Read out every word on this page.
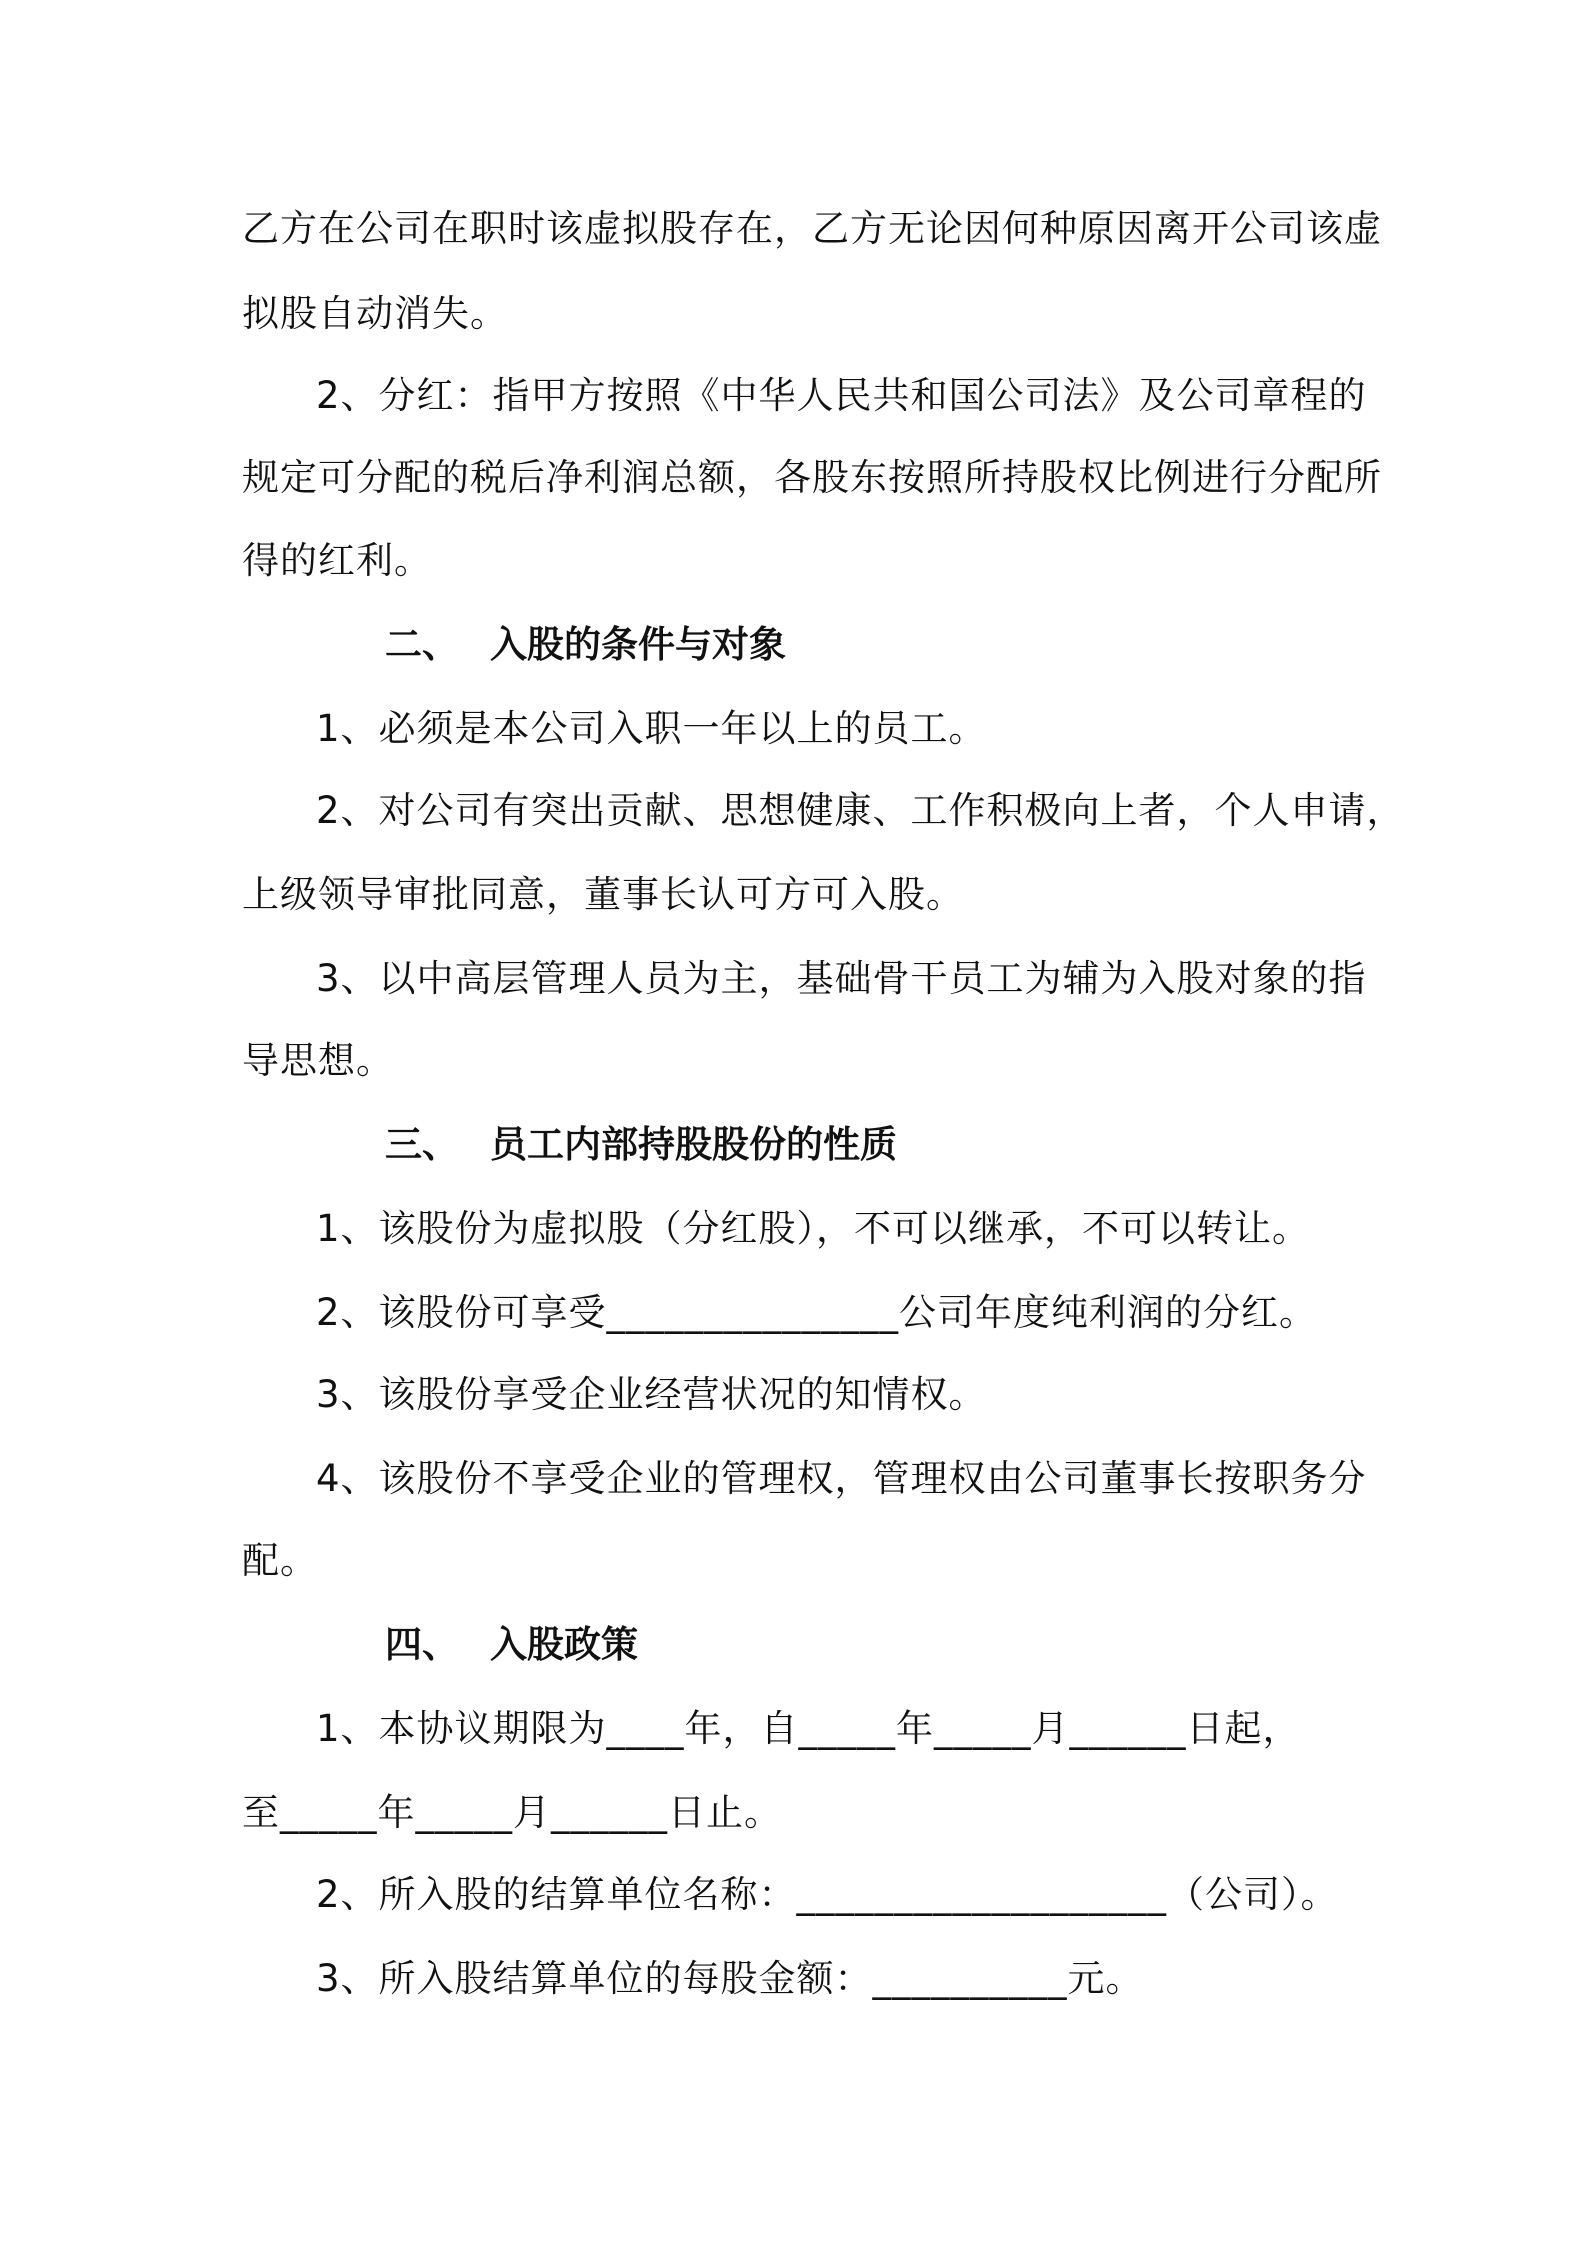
乙方在公司在职时该虚拟股存在，乙方无论因何种原因离开公司该虚
拟股自动消失。
2、分红：指甲方按照《中华人民共和国公司法》及公司章程的
规定可分配的税后净利润总额，各股东按照所持股权比例进行分配所
得的红利。
二、 入股的条件与对象
1、必须是本公司入职一年以上的员工。
2、对公司有突出贡献、思想健康、工作积极向上者，个人申请，
上级领导审批同意，董事长认可方可入股。
3、以中高层管理人员为主，基础骨干员工为辅为入股对象的指
导思想。
三、 员工内部持股股份的性质
1、该股份为虚拟股（分红股），不可以继承，不可以转让。
2、该股份可享受_______________公司年度纯利润的分红。
3、该股份享受企业经营状况的知情权。
4、该股份不享受企业的管理权，管理权由公司董事长按职务分
配。
四、 入股政策
1、本协议期限为____年，自_____年_____月______日起，
至_____年_____月______日止。
2、所入股的结算单位名称：___________________（公司）。
3、所入股结算单位的每股金额：__________元。
